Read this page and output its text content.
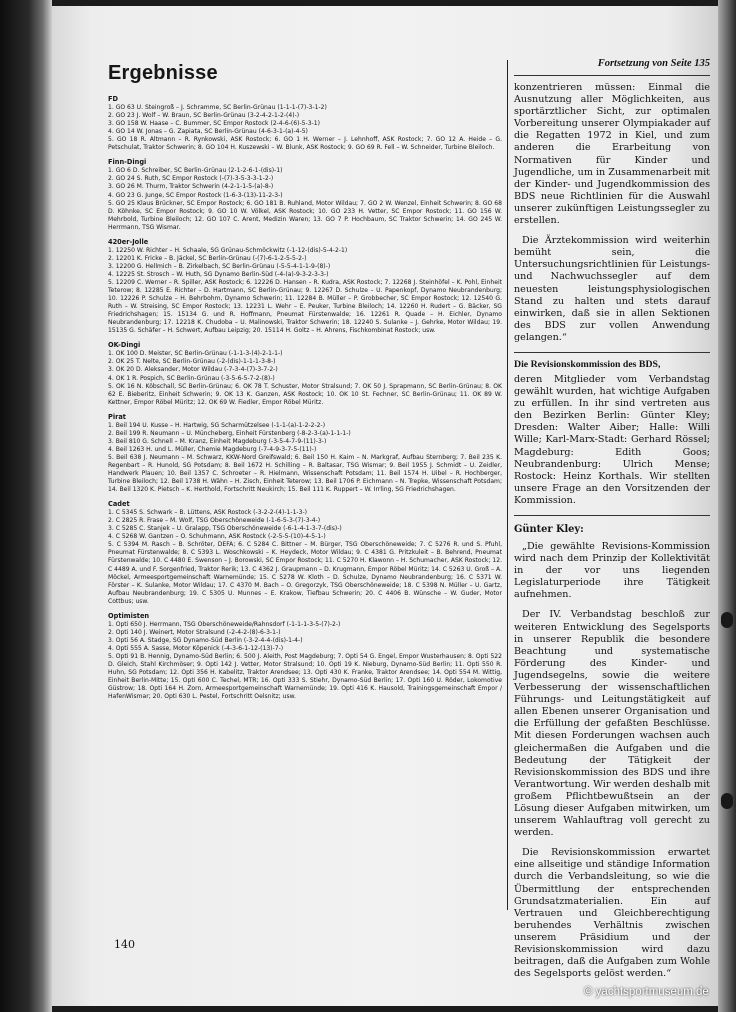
Ergebnisse
FD

1. GO 63 U. Steingroß – J. Schramme, SC Berlin-Grünau (1-1-1-(7)-3-1-2)

2. GO 23 J. Wolf – W. Braun, SC Berlin-Grünau (3-2-4-2-1-2-(4)-)

3. GO 158 W. Haase – C. Bummer, SC Empor Rostock (2-4-6-(6)-5-3-1)

4. GO 14 W. Jonas – G. Zapiata, SC Berlin-Grünau (4-6-3-1-(a)-4-5)

5. GO 18 R. Altmann – R. Rynkowski, ASK Rostock; 6. GO 1 H. Werner – J. Lehnhoff, ASK Rostock; 7. GO 12 A. Heide – G. Petschulat, Traktor Schwerin; 8. GO 104 H. Kuszewski – W. Blunk, ASK Rostock; 9. GO 69 R. Fell – W. Schneider, Turbine Bleiloch.

Finn-Dingi

1. GO 6 D. Schreiber, SC Berlin-Grünau (2-1-2-6-1-(dis)-1)

2. GO 24 S. Ruth, SC Empor Rostock (-(7)-3-5-3-3-1-2-)

3. GO 26 M. Thurm, Traktor Schwerin (4-2-1-1-5-(a)-8-)

4. GO 23 G. Junge, SC Empor Rostock (1-6-3-(13)-11-2-3-)

5. GO 25 Klaus Brückner, SC Empor Rostock; 6. GO 181 B. Ruhland, Motor Wildau; 7. GO 2 W. Wenzel, Einheit Schwerin; 8. GO 68 D. Köhnke, SC Empor Rostock; 9. GO 10 W. Völkel, ASK Rostock; 10. GO 233 H. Vetter, SC Empor Rostock; 11. GO 156 W. Mehrbold, Turbine Bleiloch; 12. GO 107 C. Arent, Medizin Waren; 13. GO 7 P. Hochbaum, SC Traktor Schwerin; 14. GO 245 W. Herrmann, TSG Wismar.

420er-Jolle

1. 12250 W. Richter – H. Schaale, SG Grünau-Schmöckwitz (-1-12-(dis)-5-4-2-1)

2. 12201 K. Fricke – B. Jäckel, SC Berlin-Grünau (-(7)-6-1-2-5-5-2-)

3. 12200 G. Hellmich – B. Zirkelbach, SC Berlin-Grünau (-5-5-4-1-1-9-(8)-)

4. 12225 St. Strosch – W. Huth, SG Dynamo Berlin-Süd (-4-(a)-9-3-2-3-3-)

5. 12209 C. Werner – R. Spiller, ASK Rostock; 6. 12226 D. Hansen – R. Kudra, ASK Rostock; 7. 12268 J. Steinhöfel – K. Pohl, Einheit Teterow; 8. 12285 E. Richter – D. Hartmann, SC Berlin-Grünau; 9. 12267 D. Schulze – U. Papenkopf, Dynamo Neubrandenburg; 10. 12226 P. Schulze – H. Behrbohm, Dynamo Schwerin; 11. 12284 B. Müller – P. Grobbecher, SC Empor Rostock; 12. 12540 G. Ruth – W. Streising, SC Empor Rostock; 13. 12231 L. Wehr – E. Peuker, Turbine Bleiloch; 14. 12260 H. Rudert – G. Bäcker, SG Friedrichshagen; 15. 15134 G. und R. Hoffmann, Pneumat Fürstenwalde; 16. 12261 R. Quade – H. Eichler, Dynamo Neubrandenburg; 17. 12218 K. Chudoba – U. Malinowski, Traktor Schwerin; 18. 12240 S. Sulanke – J. Gehrke, Motor Wildau; 19. 15135 G. Schäfer – H. Schwert, Aufbau Leipzig; 20. 15114 H. Goltz – H. Ahrens, Fischkombinat Rostock; usw.

OK-Dingi

1. OK 100 D. Meister, SC Berlin-Grünau (-1-1-3-(4)-2-1-1-)

2. OK 25 T. Nelte, SC Berlin-Grünau (-2-(dis)-1-1-1-3-8-)

3. OK 20 D. Aleksander, Motor Wildau (-7-3-4-(7)-3-7-2-)

4. OK 1 R. Pospich, SC Berlin-Grünau (-3-5-6-5-7-2-(8)-)

5. OK 16 N. Köbschall, SC Berlin-Grünau; 6. OK 78 T. Schuster, Motor Stralsund; 7. OK 50 J. Sprapmann, SC Berlin-Grünau; 8. OK 62 E. Bieberitz, Einheit Schwerin; 9. OK 13 K. Ganzen, ASK Rostock; 10. OK 10 St. Fechner, SC Berlin-Grünau; 11. OK 89 W. Kettner, Empor Röbel Müritz; 12. OK 69 W. Fiedler, Empor Röbel Müritz.

Pirat

1. Beil 194 U. Kusse – H. Hartwig, SG Scharmützelsee (-1-1-(a)-1-2-2-2-)

2. Beil 199 R. Neumann – U. Müncheberg, Einheit Fürstenberg (-8-2-3-(a)-1-1-1-)

3. Beil 810 G. Schnell – M. Kranz, Einheit Magdeburg (-3-5-4-7-9-(11)-3-)

4. Beil 1263 H. und L. Müller, Chemie Magdeburg (-7-4-9-3-7-5-(11)-)

5. Beil 638 J. Neumann – M. Schwarz, KKW-Nord Greifswald; 6. Beil 150 H. Kaim – N. Markgraf, Aufbau Sternberg; 7. Beil 235 K. Regenbart – R. Hunold, SG Potsdam; 8. Beil 1672 H. Schilling – R. Baltasar, TSG Wismar; 9. Beil 1955 J. Schmidt – U. Zeidler, Handwerk Plauen; 10. Beil 1357 C. Schroeter – R. Hielmann, Wissenschaft Potsdam; 11. Beil 1574 H. Uibel – R. Hochberger, Turbine Bleiloch; 12. Beil 1738 H. Wähn – H. Zisch, Einheit Teterow; 13. Beil 1706 P. Eichmann – N. Trepke, Wissenschaft Potsdam; 14. Beil 1320 K. Pietsch – K. Herthold, Fortschritt Neukirch; 15. Beil 111 K. Ruppert – W. Irrling, SG Friedrichshagen.

Cadet

1. C 5345 S. Schwark – B. Lüttens, ASK Rostock (-3-2-2-(4)-1-1-3-)

2. C 2825 R. Frase – M. Wolf, TSG Oberschöneweide (-1-6-5-3-(7)-3-4-)

3. C 5285 C. Stanjek – U. Gralapp, TSG Oberschöneweide (-6-1-4-1-3-7-(dis)-)

4. C 5268 W. Gantzen – O. Schuhmann, ASK Rostock (-2-5-5-(10)-4-5-1-)

5. C 5394 M. Rasch – B. Schröter, DEFA; 6. C 5284 C. Bittner – M. Bürger, TSG Oberschöneweide; 7. C 5276 R. und S. Pfuhl, Pneumat Fürstenwalde; 8. C 5393 L. Woschkowski – K. Heydeck, Motor Wildau; 9. C 4381 G. Pritzkuleit – B. Behrend, Pneumat Fürstenwalde; 10. C 4480 E. Swenson – J. Borowski, SC Empor Rostock; 11. C 5270 H. Klawonn – H. Schumacher, ASK Rostock; 12. C 4489 A. und F. Sorgenfried, Traktor Rerik; 13. C 4362 J. Graupmann – D. Krugmann, Empor Röbel Müritz; 14. C 5263 U. Groß – A. Möckel, Armeesportgemeinschaft Warnemünde; 15. C 5278 W. Kloth – D. Schulze, Dynamo Neubrandenburg; 16. C 5371 W. Förster – K. Sulanke, Motor Wildau; 17. C 4370 M. Bach – O. Gregorzyk, TSG Oberschöneweide; 18. C 5398 N. Müller – U. Gartz, Aufbau Neubrandenburg; 19. C 5305 U. Munnes – E. Krakow, Tiefbau Schwerin; 20. C 4406 B. Wünsche – W. Guder, Motor Cottbus; usw.

Optimisten

1. Opti 650 J. Herrmann, TSG Oberschöneweide/Rahnsdorf (-1-1-1-3-5-(7)-2-)

2. Opti 140 J. Weinert, Motor Stralsund (-2-4-2-(8)-6-3-1-)

3. Opti 56 A. Stadge, SG Dynamo-Süd Berlin (-3-2-4-4-(dis)-1-4-)

4. Opti 555 A. Sasse, Motor Köpenick (-4-3-6-1-12-(13)-7-)

5. Opti 91 B. Hennig, Dynamo-Süd Berlin; 6. 500 J. Aleith, Post Magdeburg; 7. Opti 54 G. Engel, Empor Wusterhausen; 8. Opti 522 D. Gleich, Stahl Kirchmöser; 9. Opti 142 J. Vetter, Motor Stralsund; 10. Opti 19 K. Nieburg, Dynamo-Süd Berlin; 11. Opti 550 R. Huhn, SG Potsdam; 12. Opti 356 H. Kabelitz, Traktor Arendsee; 13. Opti 430 K. Franke, Traktor Arendsee; 14. Opti 554 M. Wittig, Einheit Berlin-Mitte; 15. Opti 600 C. Techel, MTR; 16. Opti 333 S. Stiehr, Dynamo-Süd Berlin; 17. Opti 160 U. Röder, Lokomotive Güstrow; 18. Opti 164 H. Zorn, Armeesportgemeinschaft Warnemünde; 19. Opti 416 K. Hausold, Trainingsgemeinschaft Empor / HafenWismar; 20. Opti 630 L. Pestel, Fortschritt Oelsnitz; usw.

140
Fortsetzung von Seite 135

konzentrieren müssen: Einmal die Ausnutzung aller Möglichkeiten, aus sportärztlicher Sicht, zur optimalen Vorbereitung unserer Olympiakader auf die Regatten 1972 in Kiel, und zum anderen die Erarbeitung von Normativen für Kinder und Jugendliche, um in Zusammenarbeit mit der Kinder- und Jugendkommission des BDS neue Richtlinien für die Auswahl unserer zukünftigen Leistungssegler zu erstellen.

Die Ärztekommission wird weiterhin bemüht sein, die Untersuchungsrichtlinien für Leistungs- und Nachwuchssegler auf dem neuesten leistungsphysiologischen Stand zu halten und stets darauf einwirken, daß sie in allen Sektionen des BDS zur vollen Anwendung gelangen.“

Die Revisionskommission des BDS,

deren Mitglieder vom Verbandstag gewählt wurden, hat wichtige Aufgaben zu erfüllen. In ihr sind vertreten aus den Bezirken Berlin: Günter Kley; Dresden: Walter Aiber; Halle: Willi Wille; Karl-Marx-Stadt: Gerhard Rössel; Magdeburg: Edith Goos; Neubrandenburg: Ulrich Mense; Rostock: Heinz Korthals. Wir stellten unsere Frage an den Vorsitzenden der Kommission.

Günter Kley:

„Die gewählte Revisions-Kommission wird nach dem Prinzip der Kollektivität in der vor uns liegenden Legislaturperiode ihre Tätigkeit aufnehmen.

Der IV. Verbandstag beschloß zur weiteren Entwicklung des Segelsports in unserer Republik die besondere Beachtung und systematische Förderung des Kinder- und Jugendsegelns, sowie die weitere Verbesserung der wissenschaftlichen Führungs- und Leitungstätigkeit auf allen Ebenen unserer Organisation und die Erfüllung der gefaßten Beschlüsse. Mit diesen Forderungen wachsen auch gleichermaßen die Aufgaben und die Bedeutung der Tätigkeit der Revisionskommission des BDS und ihre Verantwortung. Wir werden deshalb mit großem Pflichtbewußtsein an der Lösung dieser Aufgaben mitwirken, um unserem Wahlauftrag voll gerecht zu werden.

Die Revisionskommission erwartet eine allseitige und ständige Information durch die Verbandsleitung, so wie die Übermittlung der entsprechenden Grundsatzmaterialien. Ein auf Vertrauen und Gleichberechtigung beruhendes Verhältnis zwischen unserem Präsidium und der Revisionskommission wird dazu beitragen, daß die Aufgaben zum Wohle des Segelsports gelöst werden.“

© yachtsportmuseum.de
